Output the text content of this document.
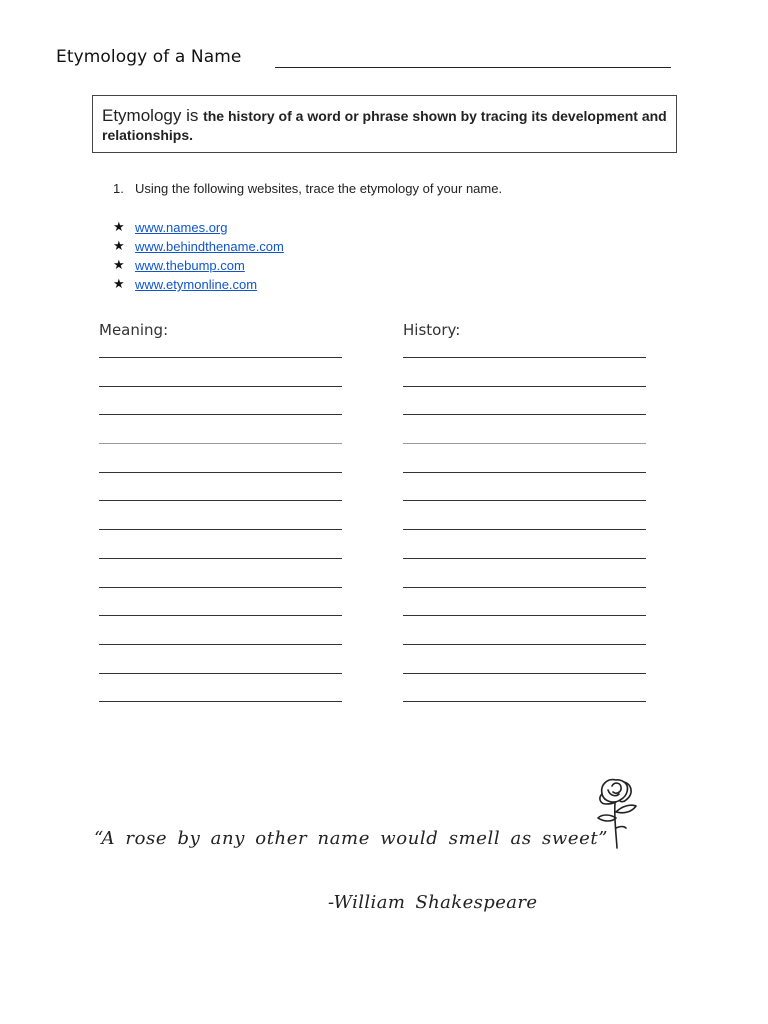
Etymology of a Name
Etymology is the history of a word or phrase shown by tracing its development and relationships.
1. Using the following websites, trace the etymology of your name.
★ www.names.org
★ www.behindthename.com
★ www.thebump.com
★ www.etymonline.com
Meaning:	History:
“A rose by any other name would smell as sweet”
-William Shakespeare
